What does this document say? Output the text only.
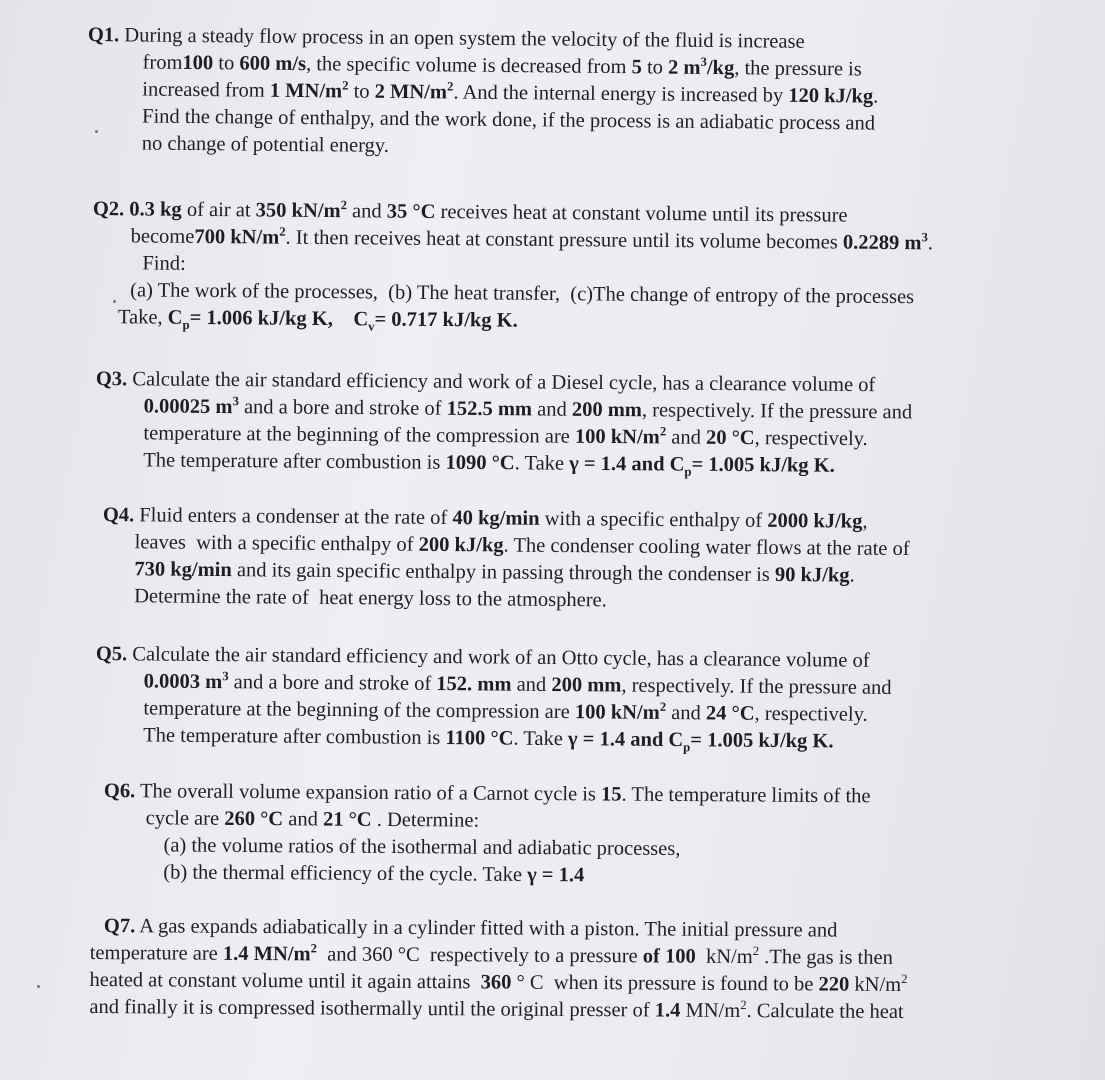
Q1. During a steady flow process in an open system the velocity of the fluid is increase
from100 to 600 m/s, the specific volume is decreased from 5 to 2 $m^3/kg$, the pressure is
increased from 1 $MN/m^2$ to 2 $MN/m^2$. And the internal energy is increased by 120 kJ/kg.
Find the change of enthalpy, and the work done, if the process is an adiabatic process and
no change of potential energy.
Q2. 0.3 kg of air at 350 $kN/m^2$ and 35 °C receives heat at constant volume until its pressure
become700 $kN/m^2$. It then receives heat at constant pressure until its volume becomes 0.2289 $m^3$.
Find:
(a) The work of the processes,  (b) The heat transfer,  (c)The change of entropy of the processes
Take, $C_p= 1.006$ kJ/kg K,    $C_v= 0.717$ kJ/kg K.
Q3. Calculate the air standard efficiency and work of a Diesel cycle, has a clearance volume of
0.00025 $m^3$ and a bore and stroke of 152.5 mm and 200 mm, respectively. If the pressure and
temperature at the beginning of the compression are 100 $kN/m^2$ and 20 °C, respectively.
The temperature after combustion is 1090 °C. Take γ = 1.4 and $C_p= 1.005$ kJ/kg K.
Q4. Fluid enters a condenser at the rate of 40 kg/min with a specific enthalpy of 2000 kJ/kg,
leaves  with a specific enthalpy of 200 kJ/kg. The condenser cooling water flows at the rate of
730 kg/min and its gain specific enthalpy in passing through the condenser is 90 kJ/kg.
Determine the rate of  heat energy loss to the atmosphere.
Q5. Calculate the air standard efficiency and work of an Otto cycle, has a clearance volume of
0.0003 $m^3$ and a bore and stroke of 152. mm and 200 mm, respectively. If the pressure and
temperature at the beginning of the compression are 100 $kN/m^2$ and 24 °C, respectively.
The temperature after combustion is 1100 °C. Take γ = 1.4 and $C_p= 1.005$ kJ/kg K.
Q6. The overall volume expansion ratio of a Carnot cycle is 15. The temperature limits of the
cycle are 260 °C and 21 °C . Determine:
(a) the volume ratios of the isothermal and adiabatic processes,
(b) the thermal efficiency of the cycle. Take γ = 1.4
Q7. A gas expands adiabatically in a cylinder fitted with a piston. The initial pressure and
temperature are 1.4 $MN/m^2$  and 360 °C  respectively to a pressure of 100  $kN/m^2$ .The gas is then
heated at constant volume until it again attains  360 ° C  when its pressure is found to be 220 $kN/m^2$
and finally it is compressed isothermally until the original presser of 1.4 $MN/m^2$. Calculate the heat
